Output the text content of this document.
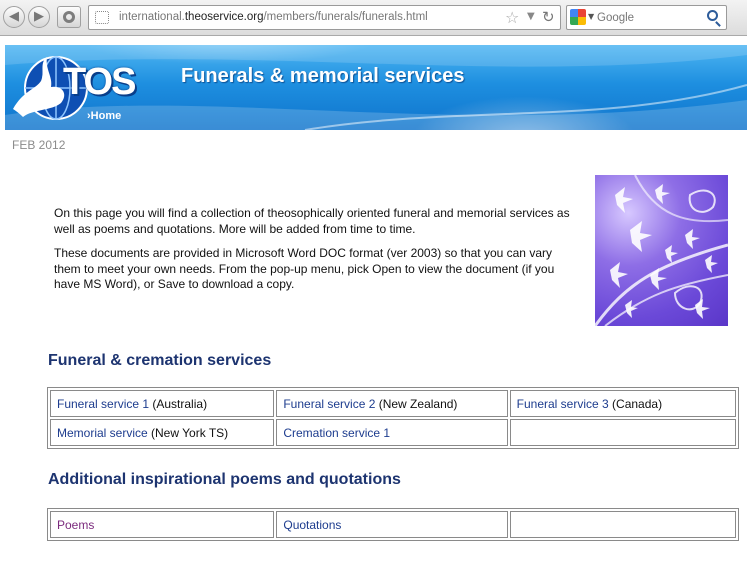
◀	▶	international.theoservice.org/members/funerals/funerals.html	☆ ▼ ↻	▼ Google
TOS
›Home
Funerals & memorial services
FEB 2012

On this page you will find a collection of theosophically oriented funeral and memorial services as well as poems and quotations. More will be added from time to time.

These documents are provided in Microsoft Word DOC format (ver 2003) so that you can vary them to meet your own needs. From the pop-up menu, pick Open to view the document (if you have MS Word), or Save to download a copy.

Funeral & cremation services
Funeral service 1 (Australia)	Funeral service 2 (New Zealand)	Funeral service 3 (Canada)
Memorial service (New York TS)	Cremation service 1	
Additional inspirational poems and quotations
Poems	Quotations	
